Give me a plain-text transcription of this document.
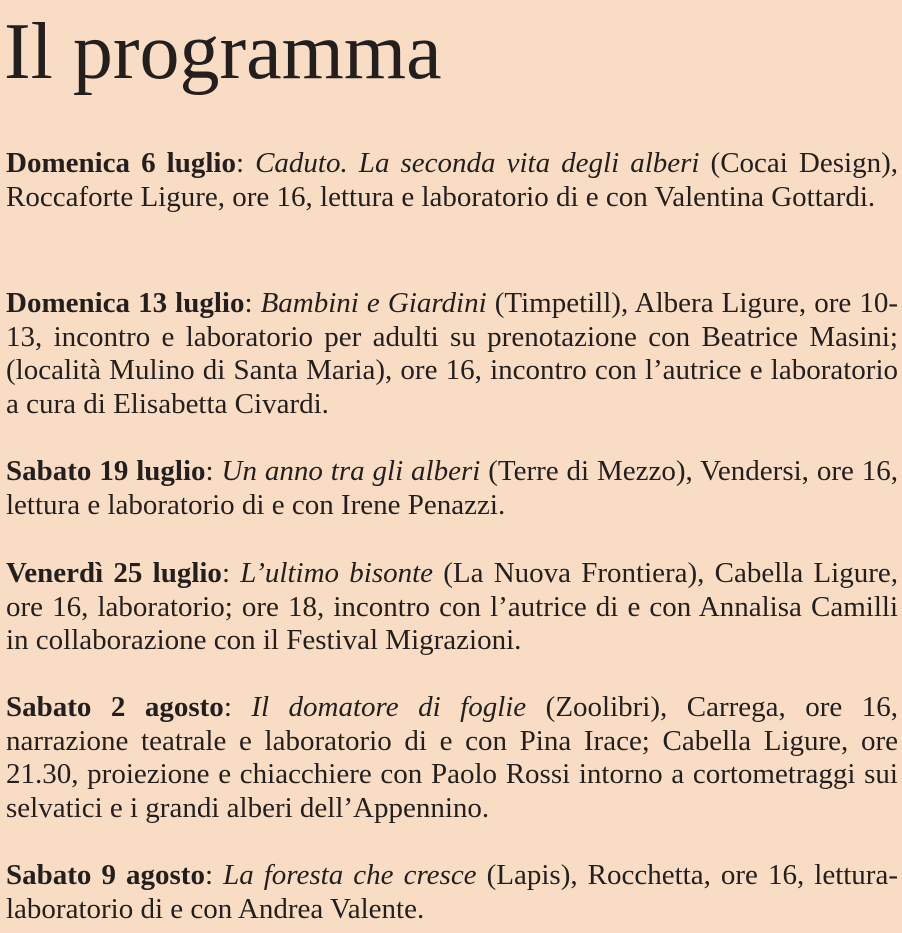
Il programma

Domenica 6 luglio: Caduto. La seconda vita degli alberi (Cocai Design), Roccaforte Ligure, ore 16, lettura e laboratorio di e con Valentina Gottardi.

Domenica 13 luglio: Bambini e Giardini (Timpetill), Albera Ligure, ore 10-13, incontro e laboratorio per adulti su prenotazione con Beatrice Masini; (località Mulino di Santa Maria), ore 16, incontro con l’autrice e laboratorio a cura di Elisabetta Civardi.

Sabato 19 luglio: Un anno tra gli alberi (Terre di Mezzo), Vendersi, ore 16, lettura e laboratorio di e con Irene Penazzi.

Venerdì 25 luglio: L’ultimo bisonte (La Nuova Frontiera), Cabella Ligure, ore 16, laboratorio; ore 18, incontro con l’autrice di e con Annalisa Camilli in collaborazione con il Festival Migrazioni.

Sabato 2 agosto: Il domatore di foglie (Zoolibri), Carrega, ore 16, narrazione teatrale e laboratorio di e con Pina Irace; Cabella Ligure, ore 21.30, proiezione e chiacchiere con Paolo Rossi intorno a cortometraggi sui selvatici e i grandi alberi dell’Appennino.

Sabato 9 agosto: La foresta che cresce (Lapis), Rocchetta, ore 16, lettura-laboratorio di e con Andrea Valente.
